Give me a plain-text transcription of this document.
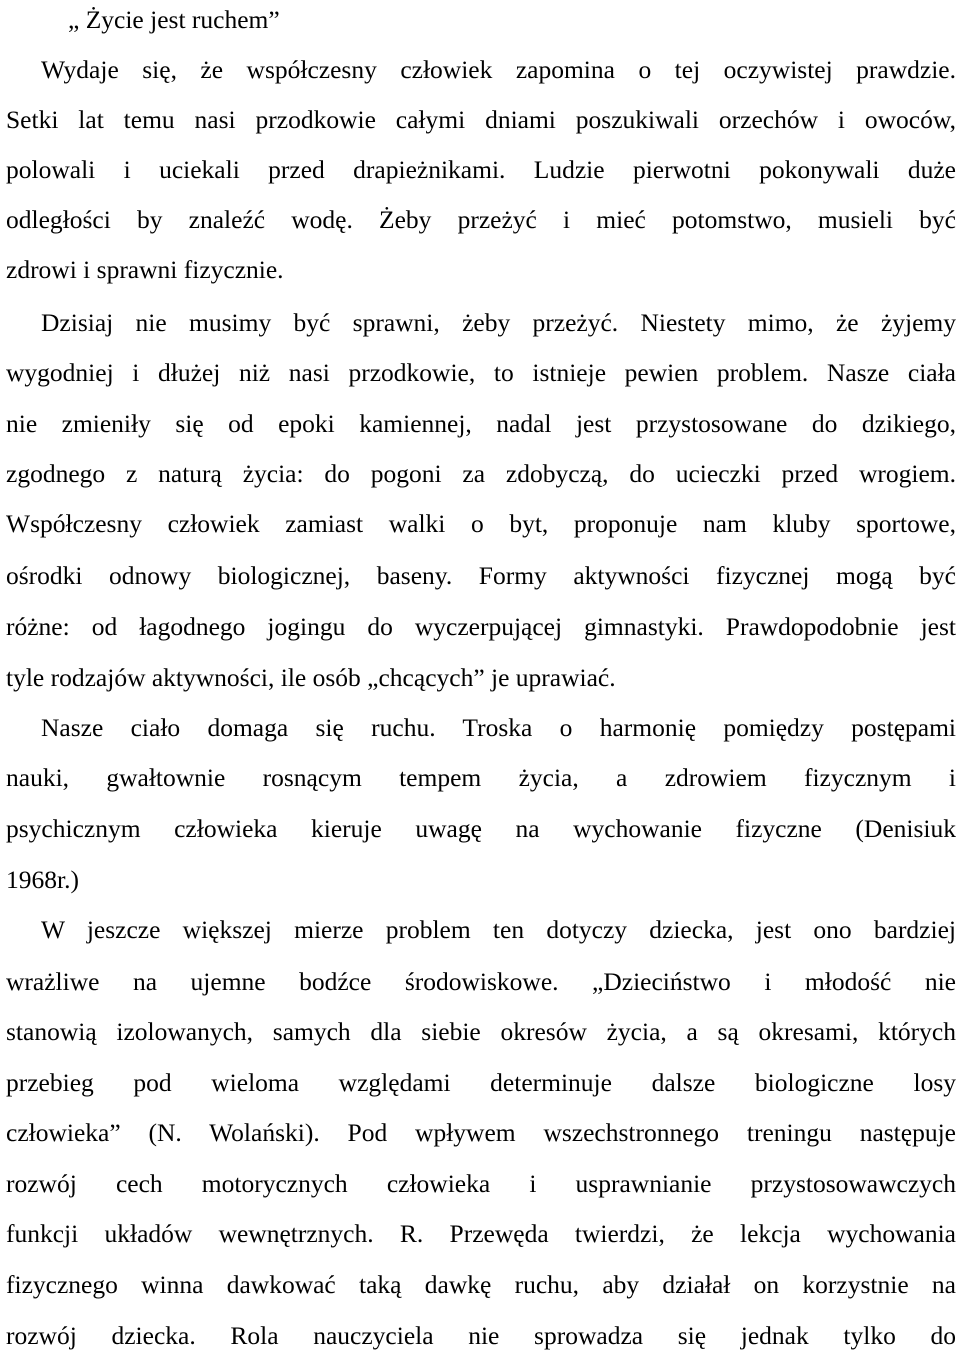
„ Życie jest ruchem”
Wydaje się, że współczesny człowiek zapomina o tej oczywistej prawdzie.
Setki lat temu nasi przodkowie całymi dniami poszukiwali orzechów i owoców,
polowali i uciekali przed drapieżnikami. Ludzie pierwotni pokonywali duże
odległości by znaleźć wodę. Żeby przeżyć i mieć potomstwo, musieli być
zdrowi i sprawni fizycznie.
Dzisiaj nie musimy być sprawni, żeby przeżyć. Niestety mimo, że żyjemy
wygodniej i dłużej niż nasi przodkowie, to istnieje pewien problem. Nasze ciała
nie zmieniły się od epoki kamiennej, nadal jest przystosowane do dzikiego,
zgodnego z naturą życia: do pogoni za zdobyczą, do ucieczki przed wrogiem.
Współczesny człowiek zamiast walki o byt, proponuje nam kluby sportowe,
ośrodki odnowy biologicznej, baseny. Formy aktywności fizycznej mogą być
różne: od łagodnego jogingu do wyczerpującej gimnastyki. Prawdopodobnie jest
tyle rodzajów aktywności, ile osób „chcących” je uprawiać.
Nasze ciało domaga się ruchu. Troska o harmonię pomiędzy postępami
nauki, gwałtownie rosnącym tempem życia, a zdrowiem fizycznym i
psychicznym człowieka kieruje uwagę na wychowanie fizyczne (Denisiuk
1968r.)
W jeszcze większej mierze problem ten dotyczy dziecka, jest ono bardziej
wrażliwe na ujemne bodźce środowiskowe. „Dzieciństwo i młodość nie
stanowią izolowanych, samych dla siebie okresów życia, a są okresami, których
przebieg pod wieloma względami determinuje dalsze biologiczne losy
człowieka” (N. Wolański). Pod wpływem wszechstronnego treningu następuje
rozwój cech motorycznych człowieka i usprawnianie przystosowawczych
funkcji układów wewnętrznych. R. Przewęda twierdzi, że lekcja wychowania
fizycznego winna dawkować taką dawkę ruchu, aby działał on korzystnie na
rozwój dziecka. Rola nauczyciela nie sprowadza się jednak tylko do
